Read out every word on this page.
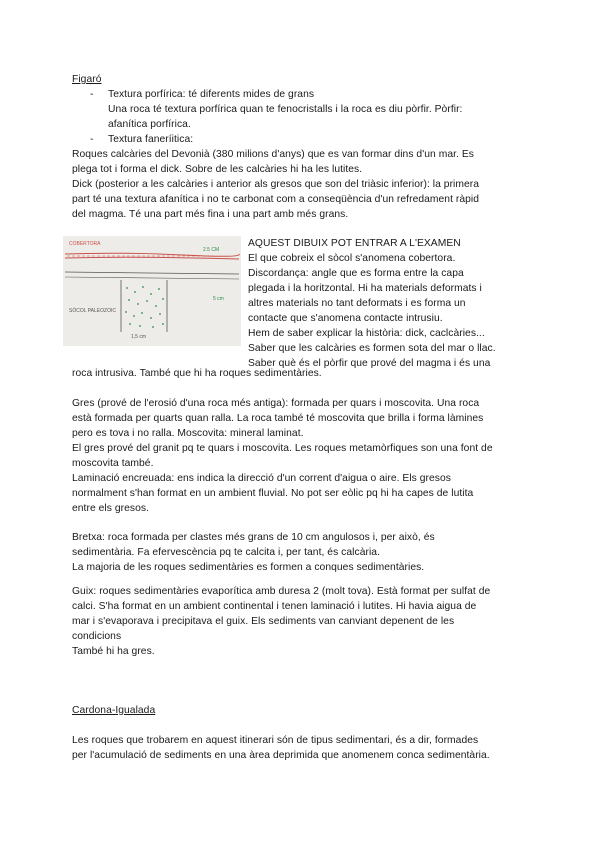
Figaró
- Textura porfírica: té diferents mides de grans
Una roca té textura porfírica quan te fenocristalls i la roca es diu pòrfir. Pòrfir:
afanítica porfírica.
- Textura faneríitica:
Roques calcàries del Devonià (380 milions d'anys) que es van formar dins d'un mar. Es
plega tot i forma el dick. Sobre de les calcàries hi ha les lutites.
Dick (posterior a les calcàries i anterior als gresos que son del triàsic inferior): la primera
part té una textura afanítica i no te carbonat com a conseqüència d'un refredament ràpid
del magma. Té una part més fina i una part amb més grans.
COBERTORA
2.5 CM
5 cm
SÒCOL PALEOZOIC
1,5 cm
AQUEST DIBUIX POT ENTRAR A L'EXAMEN
El que cobreix el sòcol s'anomena cobertora.
Discordança: angle que es forma entre la capa
plegada i la horitzontal. Hi ha materials deformats i
altres materials no tant deformats i es forma un
contacte que s'anomena contacte intrusiu.
Hem de saber explicar la història: dick, caclcàries...
Saber que les calcàries es formen sota del mar o llac.
Saber què és el pòrfir que prové del magma i és una
roca intrusiva. També que hi ha roques sedimentàries.
Gres (prové de l'erosió d'una roca més antiga): formada per quars i moscovita. Una roca
està formada per quarts quan ralla. La roca també té moscovita que brilla i forma làmines
pero es tova i no ralla. Moscovita: mineral laminat.
El gres prové del granit pq te quars i moscovita. Les roques metamòrfiques son una font de
moscovita també.
Laminació encreuada: ens indica la direcció d'un corrent d'aigua o aire. Els gresos
normalment s'han format en un ambient fluvial. No pot ser eòlic pq hi ha capes de lutita
entre els gresos.
Bretxa: roca formada per clastes més grans de 10 cm angulosos i, per això, és
sedimentària. Fa efervescència pq te calcita i, per tant, és calcària.
La majoria de les roques sedimentàries es formen a conques sedimentàries.
Guix: roques sedimentàries evaporítica amb duresa 2 (molt tova). Està format per sulfat de
calci. S'ha format en un ambient continental i tenen laminació i lutites. Hi havia aigua de
mar i s'evaporava i precipitava el guix. Els sediments van canviant depenent de les
condicions
També hi ha gres.
Cardona-Igualada
Les roques que trobarem en aquest itinerari són de tipus sedimentari, és a dir, formades
per l'acumulació de sediments en una àrea deprimida que anomenem conca sedimentària.
